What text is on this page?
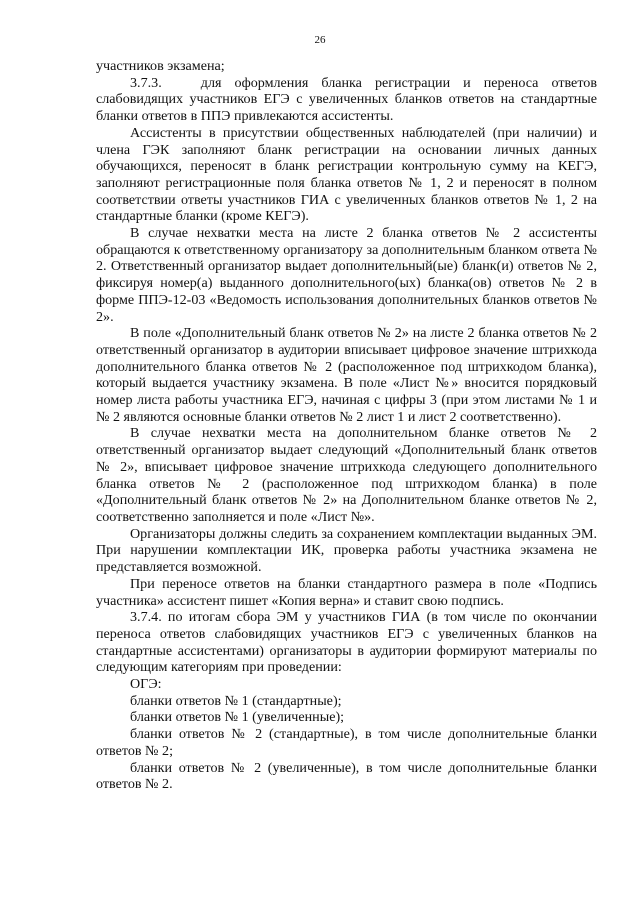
26

участников экзамена;

3.7.3.   для оформления бланка регистрации и переноса ответов слабовидящих участников ЕГЭ с увеличенных бланков ответов на стандартные бланки ответов в ППЭ привлекаются ассистенты.

Ассистенты в присутствии общественных наблюдателей (при наличии) и члена ГЭК заполняют бланк регистрации на основании личных данных обучающихся, переносят в бланк регистрации контрольную сумму на КЕГЭ, заполняют регистрационные поля бланка ответов № 1, 2 и переносят в полном соответствии ответы участников ГИА с увеличенных бланков ответов № 1, 2 на стандартные бланки (кроме КЕГЭ).

В случае нехватки места на листе 2 бланка ответов № 2 ассистенты обращаются к ответственному организатору за дополнительным бланком ответа № 2. Ответственный организатор выдает дополнительный(ые) бланк(и) ответов № 2, фиксируя номер(а) выданного дополнительного(ых) бланка(ов) ответов № 2 в форме ППЭ-12-03 «Ведомость использования дополнительных бланков ответов № 2».

В поле «Дополнительный бланк ответов № 2» на листе 2 бланка ответов № 2 ответственный организатор в аудитории вписывает цифровое значение штрихкода дополнительного бланка ответов № 2 (расположенное под штрихкодом бланка), который выдается участнику экзамена. В поле «Лист №» вносится порядковый номер листа работы участника ЕГЭ, начиная с цифры 3 (при этом листами № 1 и № 2 являются основные бланки ответов № 2 лист 1 и лист 2 соответственно).

В случае нехватки места на дополнительном бланке ответов № 2 ответственный организатор выдает следующий «Дополнительный бланк ответов № 2», вписывает цифровое значение штрихкода следующего дополнительного бланка ответов № 2 (расположенное под штрихкодом бланка) в поле «Дополнительный бланк ответов № 2» на Дополнительном бланке ответов № 2, соответственно заполняется и поле «Лист №».

Организаторы должны следить за сохранением комплектации выданных ЭМ. При нарушении комплектации ИК, проверка работы участника экзамена не представляется возможной.

При переносе ответов на бланки стандартного размера в поле «Подпись участника» ассистент пишет «Копия верна» и ставит свою подпись.

3.7.4. по итогам сбора ЭМ у участников ГИА (в том числе по окончании переноса ответов слабовидящих участников ЕГЭ с увеличенных бланков на стандартные ассистентами) организаторы в аудитории формируют материалы по следующим категориям при проведении:

ОГЭ:

бланки ответов № 1 (стандартные);

бланки ответов № 1 (увеличенные);

бланки ответов № 2 (стандартные), в том числе дополнительные бланки ответов № 2;

бланки ответов № 2 (увеличенные), в том числе дополнительные бланки ответов № 2.
